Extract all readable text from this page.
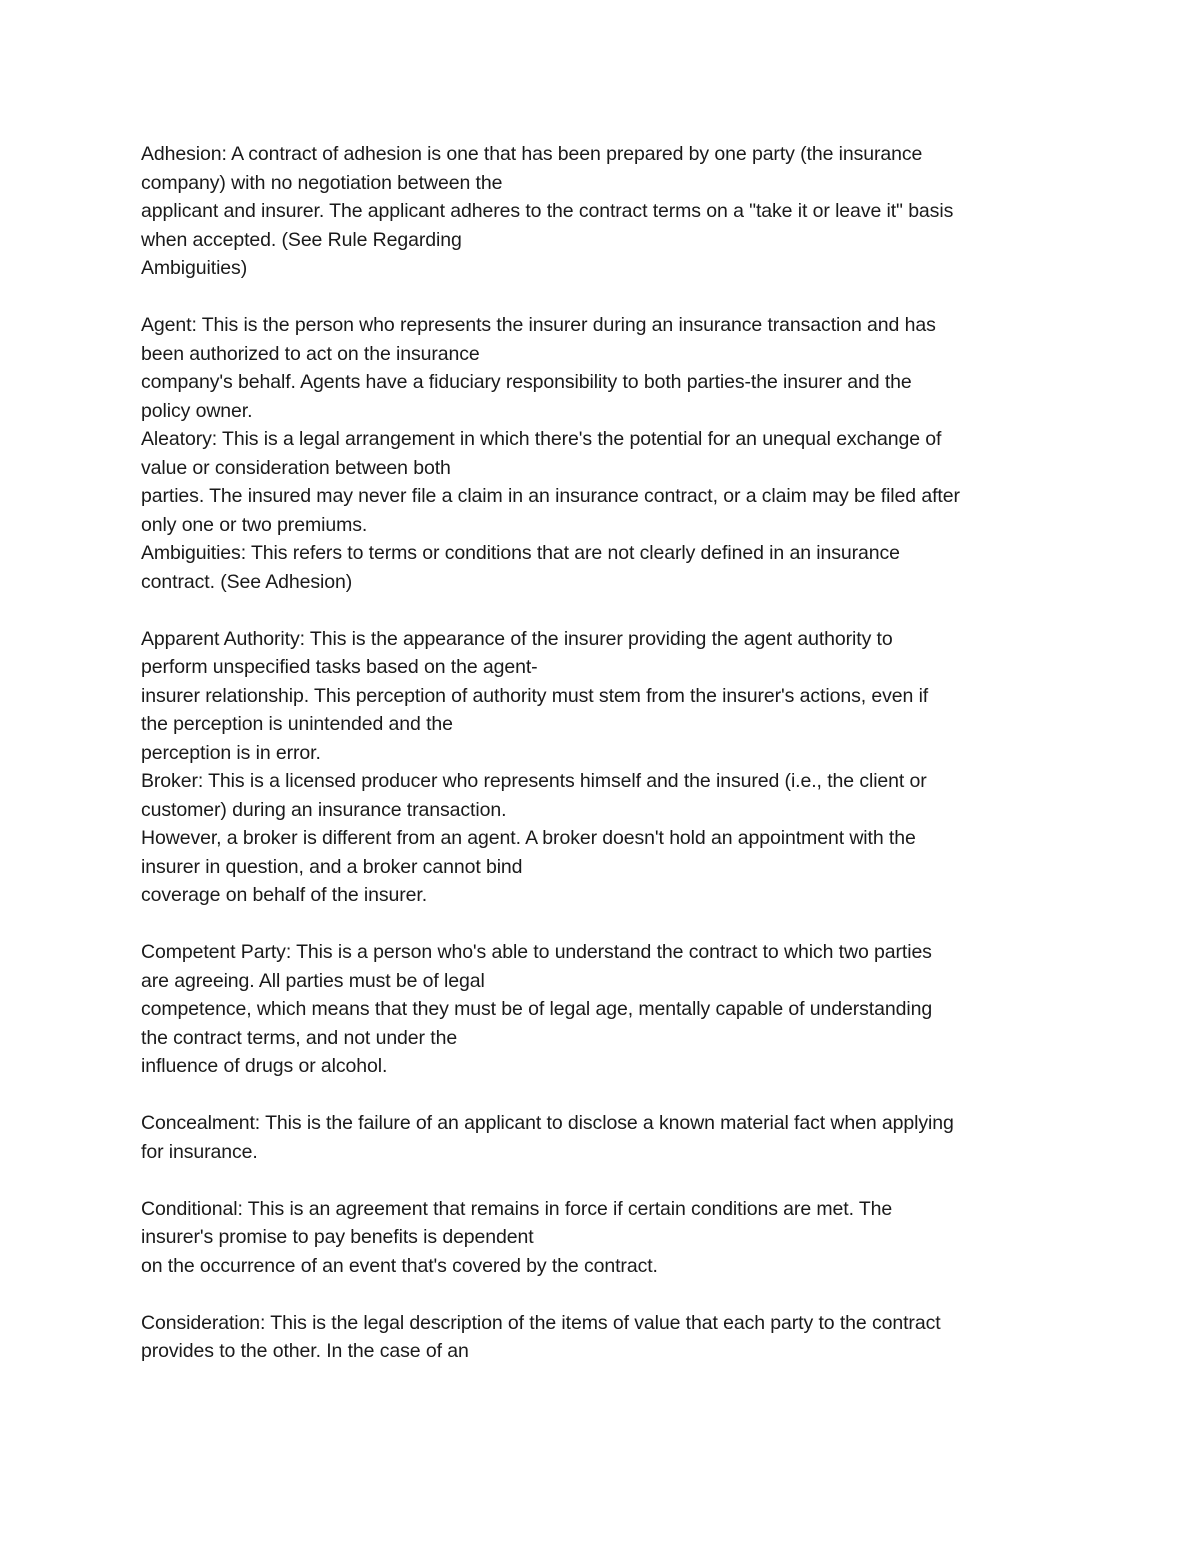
Adhesion: A contract of adhesion is one that has been prepared by one party (the insurance
company) with no negotiation between the
applicant and insurer. The applicant adheres to the contract terms on a "take it or leave it" basis
when accepted. (See Rule Regarding
Ambiguities)
Agent: This is the person who represents the insurer during an insurance transaction and has
been authorized to act on the insurance
company's behalf. Agents have a fiduciary responsibility to both parties-the insurer and the
policy owner.
Aleatory: This is a legal arrangement in which there's the potential for an unequal exchange of
value or consideration between both
parties. The insured may never file a claim in an insurance contract, or a claim may be filed after
only one or two premiums.
Ambiguities: This refers to terms or conditions that are not clearly defined in an insurance
contract. (See Adhesion)
Apparent Authority: This is the appearance of the insurer providing the agent authority to
perform unspecified tasks based on the agent-
insurer relationship. This perception of authority must stem from the insurer's actions, even if
the perception is unintended and the
perception is in error.
Broker: This is a licensed producer who represents himself and the insured (i.e., the client or
customer) during an insurance transaction.
However, a broker is different from an agent. A broker doesn't hold an appointment with the
insurer in question, and a broker cannot bind
coverage on behalf of the insurer.
Competent Party: This is a person who's able to understand the contract to which two parties
are agreeing. All parties must be of legal
competence, which means that they must be of legal age, mentally capable of understanding
the contract terms, and not under the
influence of drugs or alcohol.
Concealment: This is the failure of an applicant to disclose a known material fact when applying
for insurance.
Conditional: This is an agreement that remains in force if certain conditions are met. The
insurer's promise to pay benefits is dependent
on the occurrence of an event that's covered by the contract.
Consideration: This is the legal description of the items of value that each party to the contract
provides to the other. In the case of an
